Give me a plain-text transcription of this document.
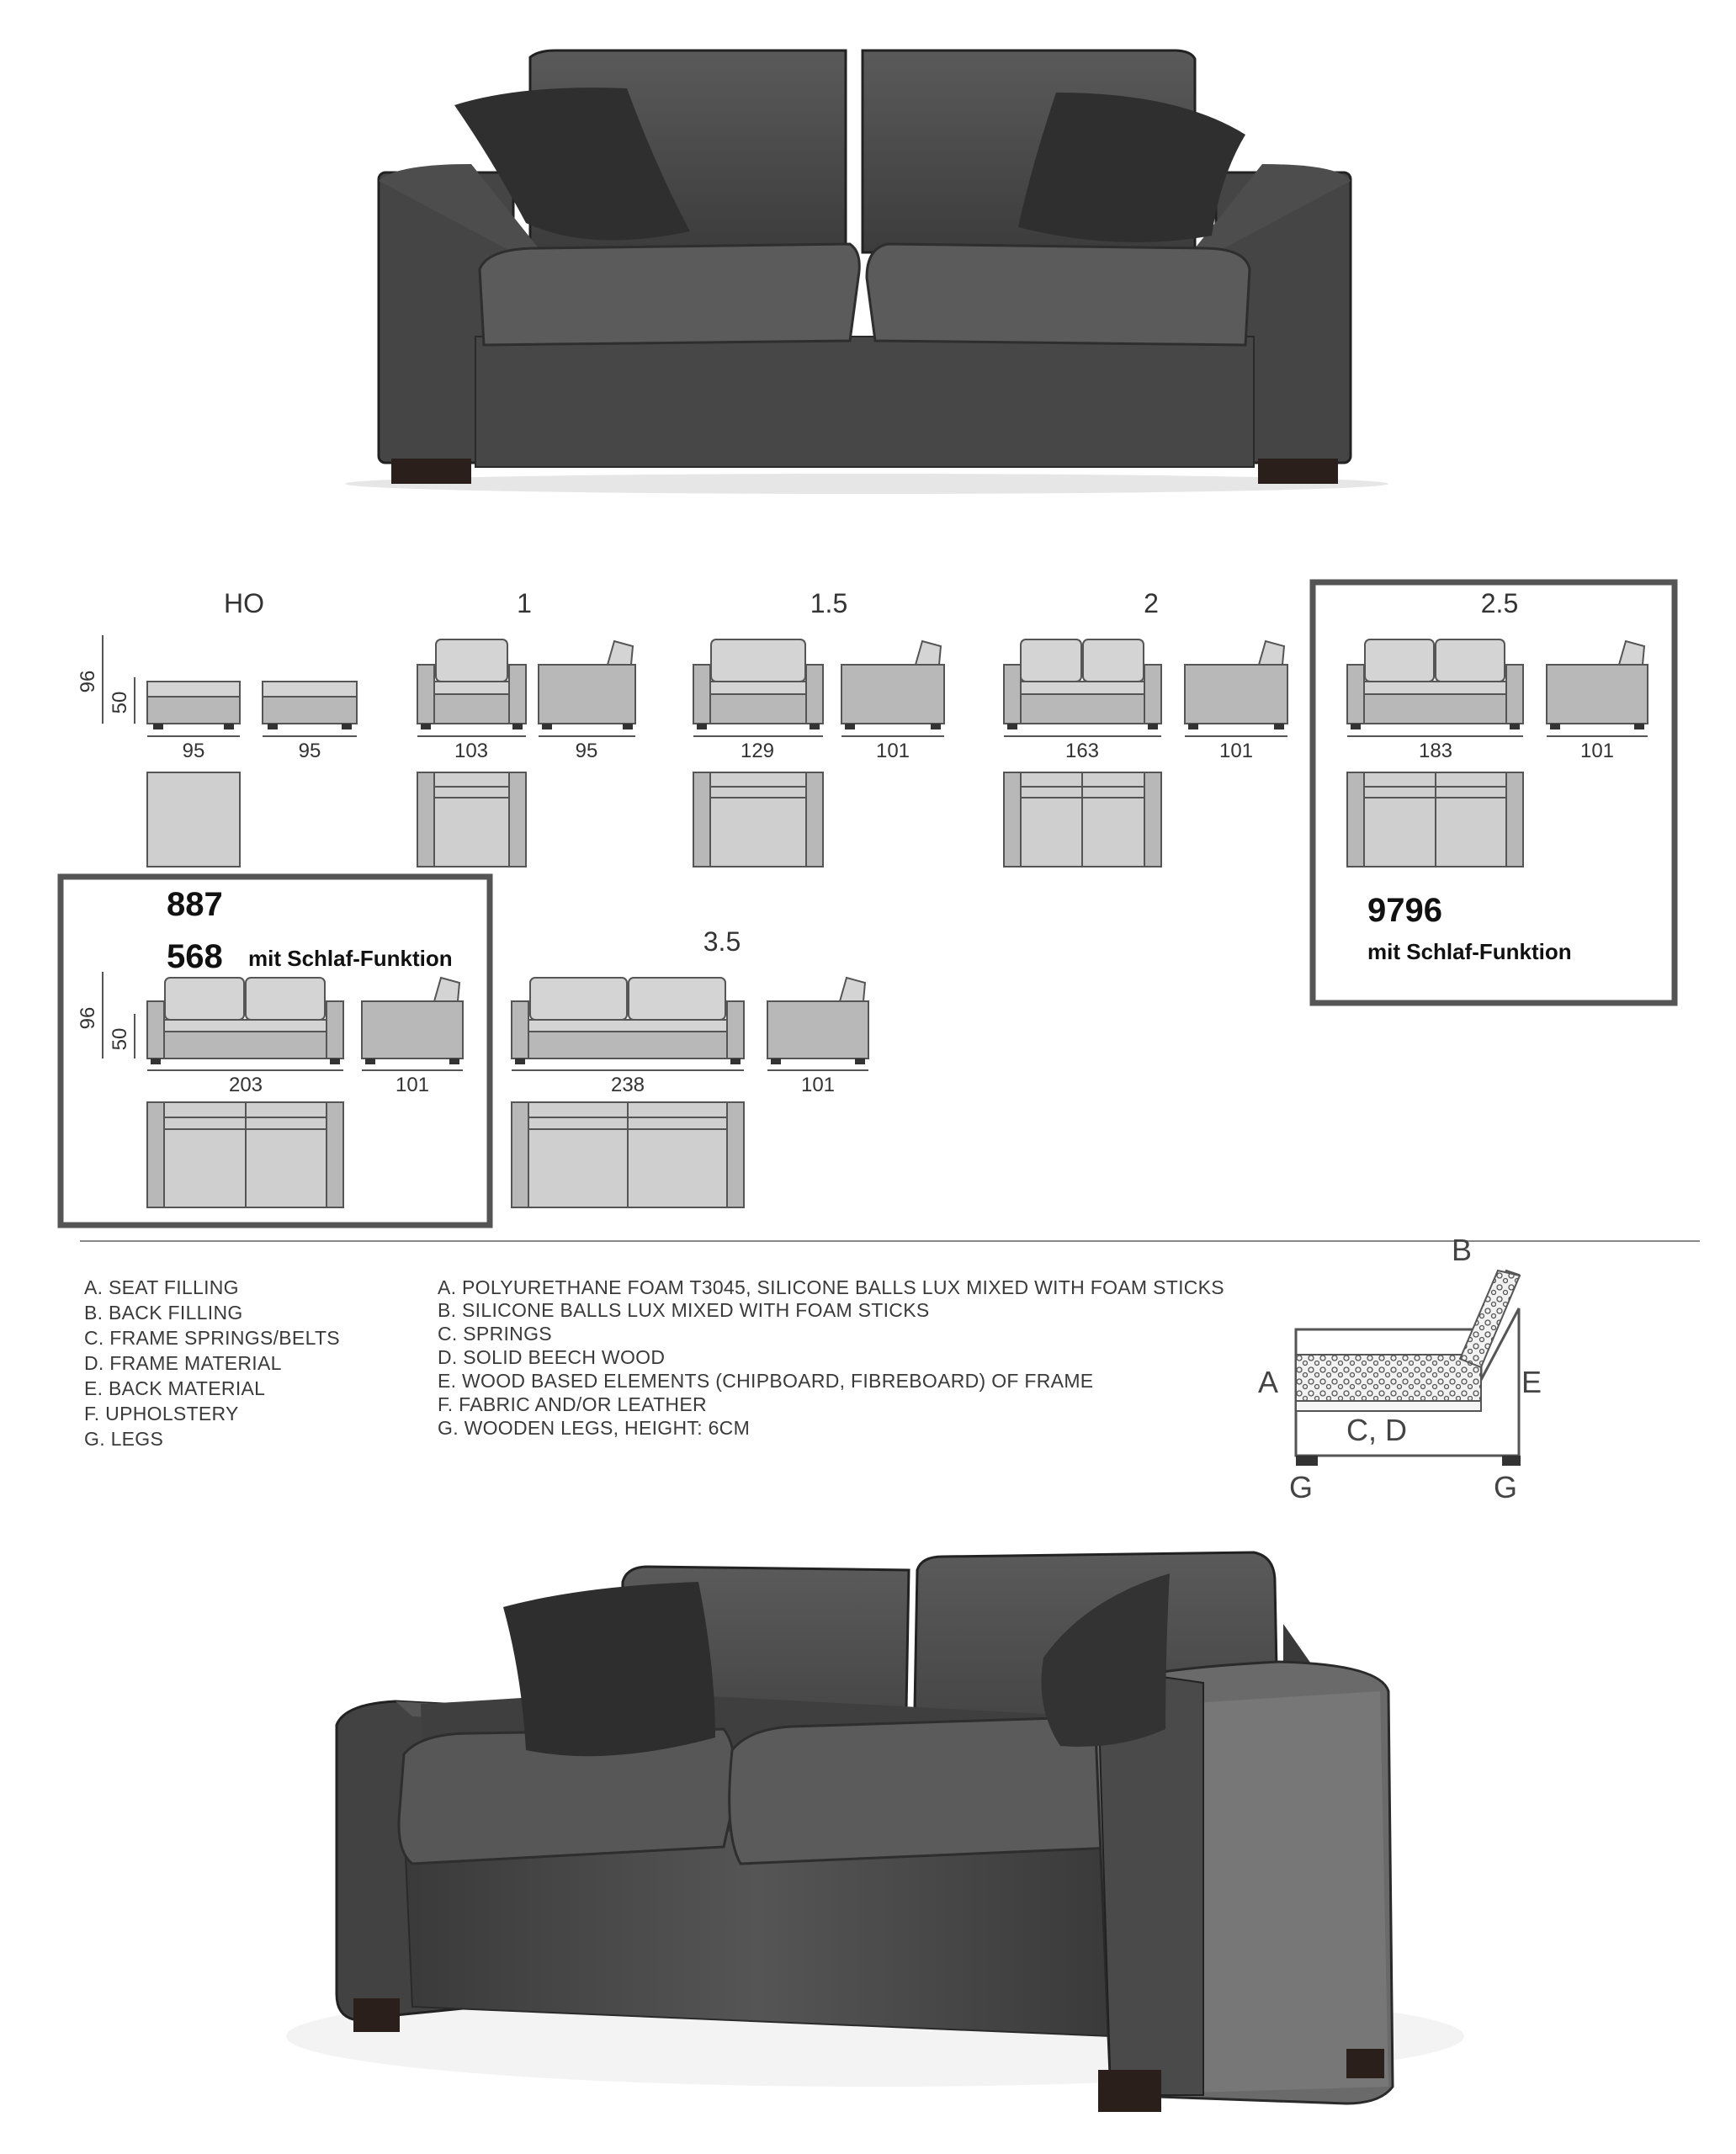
96
50
HO
95	95
1
103	95
1.5
129	101
2
163	101
2.5
183	101
9796
mit Schlaf-Funktion
887
568 mit Schlaf-Funktion
96
50
203	101
3.5
238	101
A. SEAT FILLING
B. BACK FILLING
C. FRAME SPRINGS/BELTS
D. FRAME MATERIAL
E. BACK MATERIAL
F. UPHOLSTERY
G. LEGS
A. POLYURETHANE FOAM T3045, SILICONE BALLS LUX MIXED WITH FOAM STICKS
B. SILICONE BALLS LUX MIXED WITH FOAM STICKS
C. SPRINGS
D. SOLID BEECH WOOD
E. WOOD BASED ELEMENTS (CHIPBOARD, FIBREBOARD) OF FRAME
F. FABRIC AND/OR LEATHER
G. WOODEN LEGS, HEIGHT: 6CM
B
A	E
C, D
G	G
